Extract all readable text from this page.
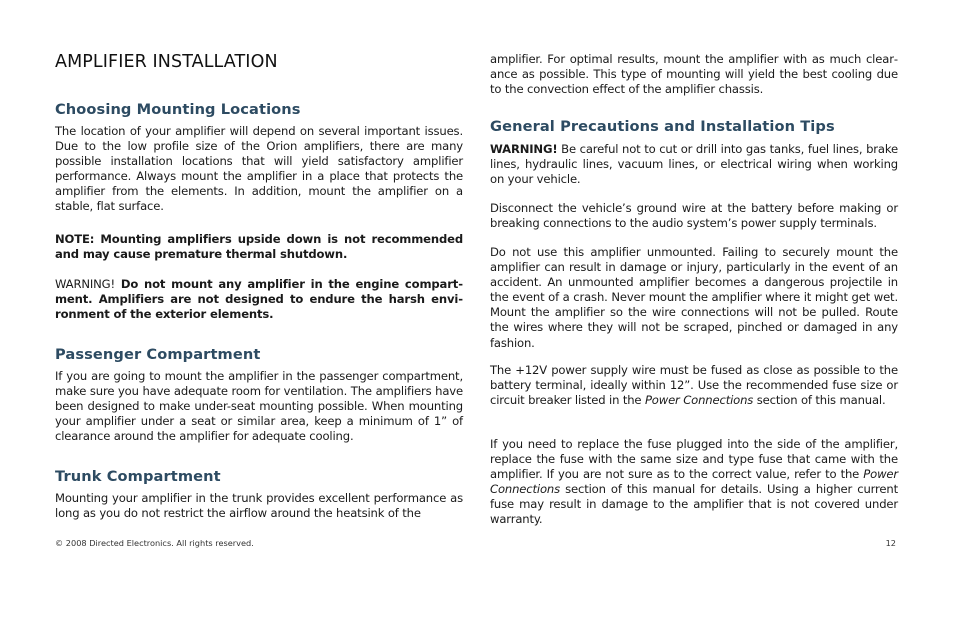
AMPLIFIER INSTALLATION
Choosing Mounting Locations

The location of your amplifier will depend on several important issues. Due to the low profile size of the Orion amplifiers, there are many possible installation locations that will yield satisfactory amplifier performance. Always mount the amplifier in a place that protects the amplifier from the elements. In addition, mount the amplifier on a stable, flat surface.

NOTE: Mounting amplifiers upside down is not recommended and may cause premature thermal shutdown.

WARNING! Do not mount any amplifier in the engine compartment. Amplifiers are not designed to endure the harsh environment of the exterior elements.

Passenger Compartment

If you are going to mount the amplifier in the passenger compartment, make sure you have adequate room for ventilation. The amplifiers have been designed to make under-seat mounting possible. When mounting your amplifier under a seat or similar area, keep a minimum of 1” of clearance around the amplifier for adequate cooling.

Trunk Compartment

Mounting your amplifier in the trunk provides excellent performance as long as you do not restrict the airflow around the heatsink of the

amplifier. For optimal results, mount the amplifier with as much clearance as possible. This type of mounting will yield the best cooling due to the convection effect of the amplifier chassis.

General Precautions and Installation Tips

WARNING! Be careful not to cut or drill into gas tanks, fuel lines, brake lines, hydraulic lines, vacuum lines, or electrical wiring when working on your vehicle.

Disconnect the vehicle’s ground wire at the battery before making or breaking connections to the audio system’s power supply terminals.

Do not use this amplifier unmounted. Failing to securely mount the amplifier can result in damage or injury, particularly in the event of an accident. An unmounted amplifier becomes a dangerous projectile in the event of a crash. Never mount the amplifier where it might get wet. Mount the amplifier so the wire connections will not be pulled. Route the wires where they will not be scraped, pinched or damaged in any fashion.

The +12V power supply wire must be fused as close as possible to the battery terminal, ideally within 12”. Use the recommended fuse size or circuit breaker listed in the Power Connections section of this manual.

If you need to replace the fuse plugged into the side of the amplifier, replace the fuse with the same size and type fuse that came with the amplifier. If you are not sure as to the correct value, refer to the Power Connections section of this manual for details. Using a higher current fuse may result in damage to the amplifier that is not covered under warranty.

© 2008 Directed Electronics. All rights reserved.	12
